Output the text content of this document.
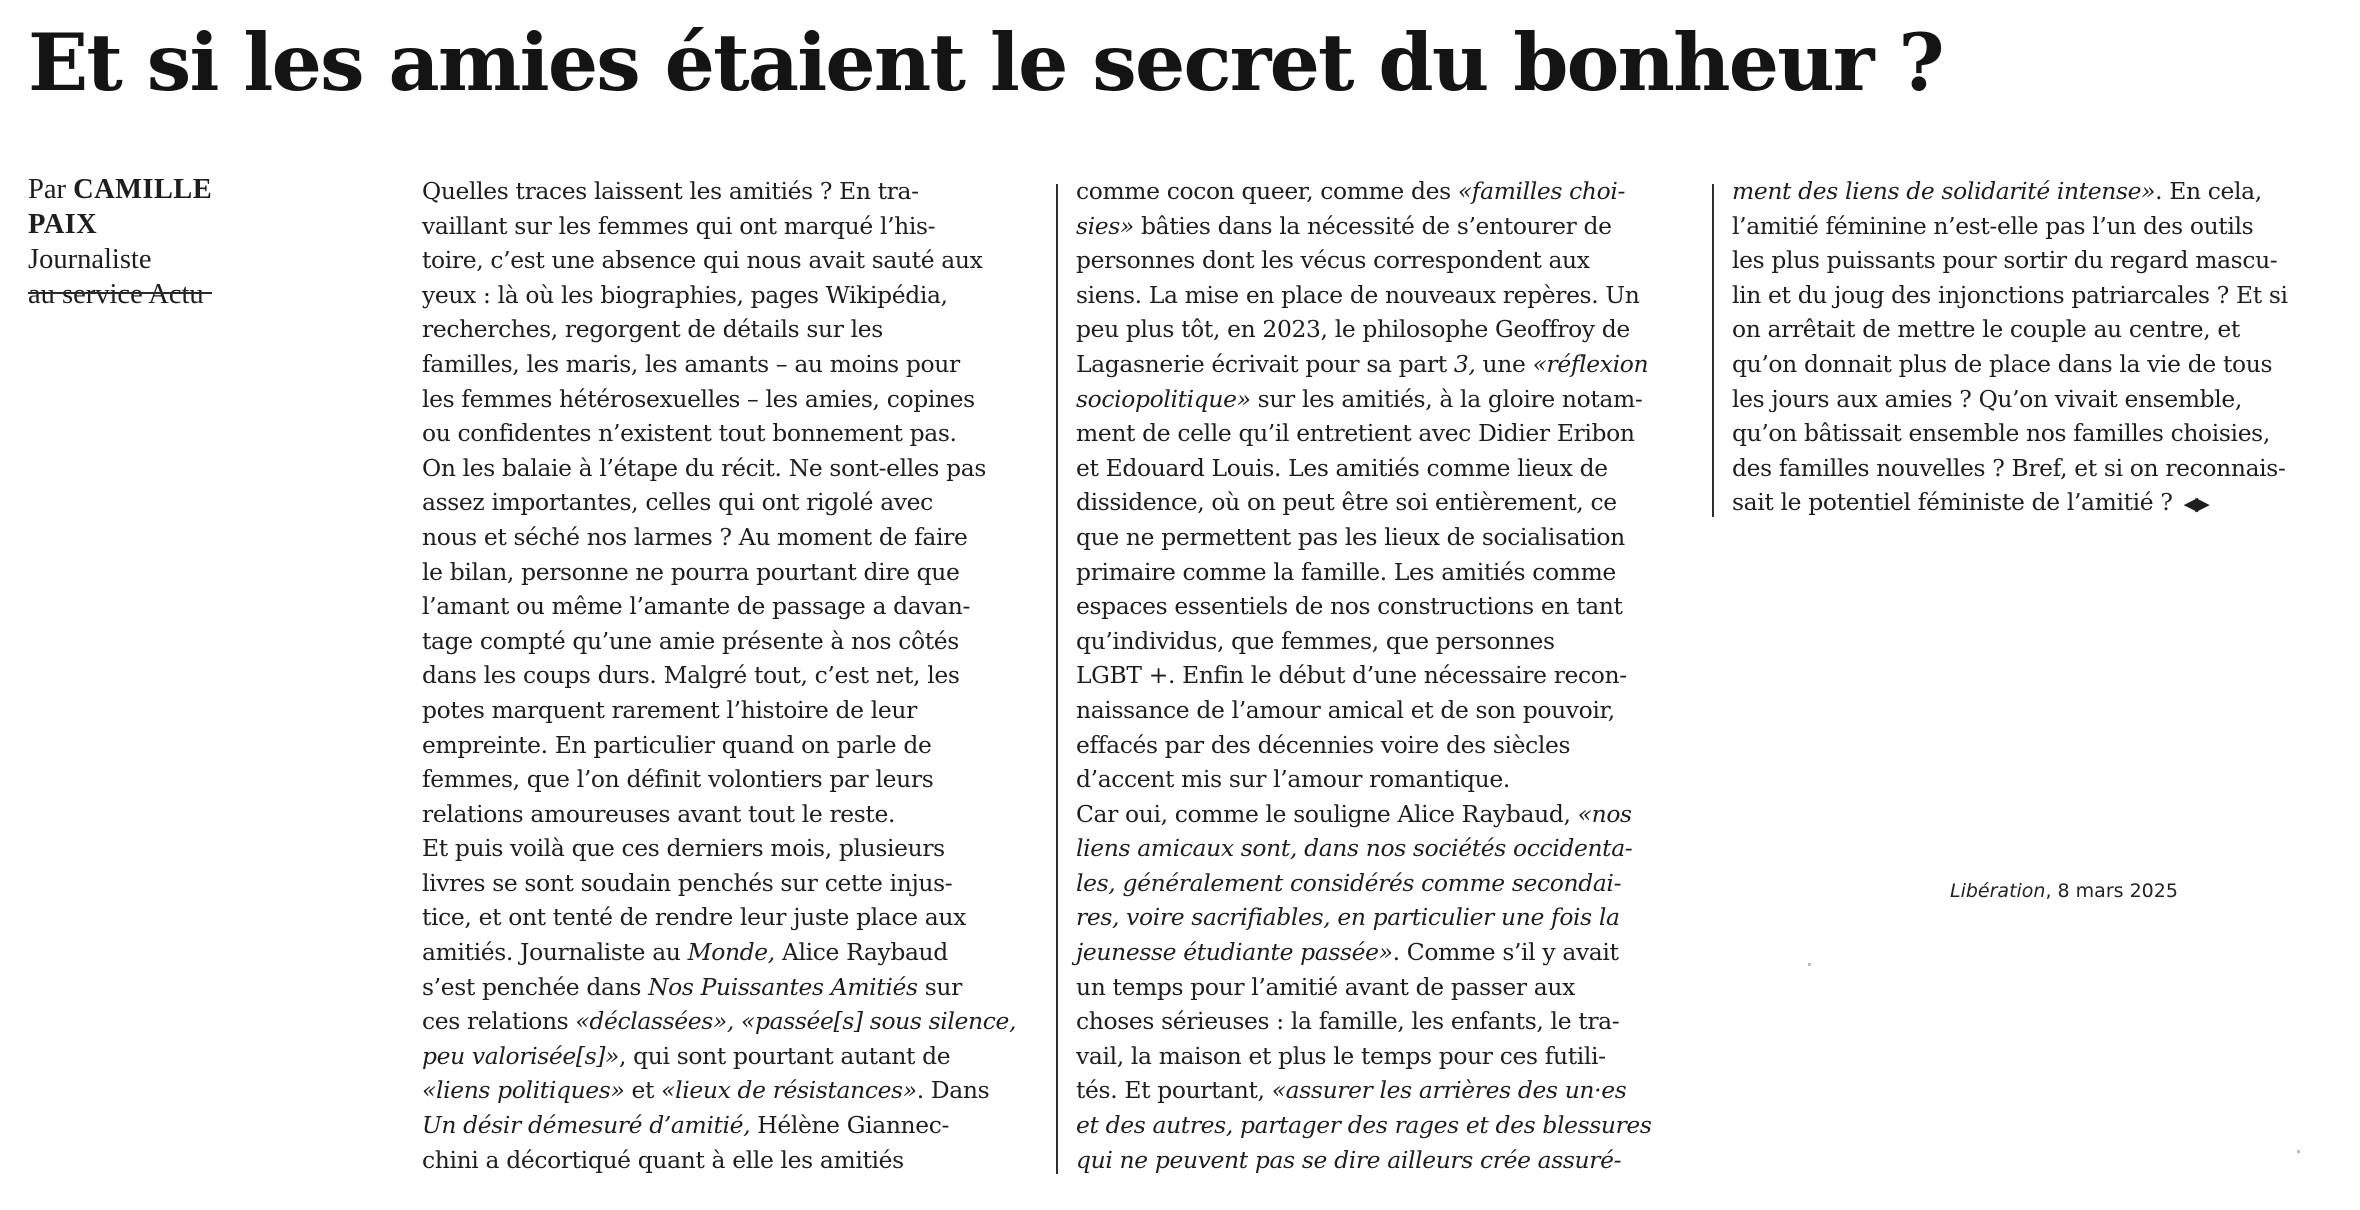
Et si les amies étaient le secret du bonheur ?
Par CAMILLE PAIX
Journaliste
au service Actu
Quelles traces laissent les amitiés ? En tra-
vaillant sur les femmes qui ont marqué l’his-
toire, c’est une absence qui nous avait sauté aux
yeux : là où les biographies, pages Wikipédia,
recherches, regorgent de détails sur les
familles, les maris, les amants – au moins pour
les femmes hétérosexuelles – les amies, copines
ou confidentes n’existent tout bonnement pas.
On les balaie à l’étape du récit. Ne sont-elles pas
assez importantes, celles qui ont rigolé avec
nous et séché nos larmes ? Au moment de faire
le bilan, personne ne pourra pourtant dire que
l’amant ou même l’amante de passage a davan-
tage compté qu’une amie présente à nos côtés
dans les coups durs. Malgré tout, c’est net, les
potes marquent rarement l’histoire de leur
empreinte. En particulier quand on parle de
femmes, que l’on définit volontiers par leurs
relations amoureuses avant tout le reste.
Et puis voilà que ces derniers mois, plusieurs
livres se sont soudain penchés sur cette injus-
tice, et ont tenté de rendre leur juste place aux
amitiés. Journaliste au Monde, Alice Raybaud
s’est penchée dans Nos Puissantes Amitiés sur
ces relations «déclassées», «passée[s] sous silence,
peu valorisée[s]», qui sont pourtant autant de
«liens politiques» et «lieux de résistances». Dans
Un désir démesuré d’amitié, Hélène Giannec-
chini a décortiqué quant à elle les amitiés
comme cocon queer, comme des «familles choi-
sies» bâties dans la nécessité de s’entourer de
personnes dont les vécus correspondent aux
siens. La mise en place de nouveaux repères. Un
peu plus tôt, en 2023, le philosophe Geoffroy de
Lagasnerie écrivait pour sa part 3, une «réflexion
sociopolitique» sur les amitiés, à la gloire notam-
ment de celle qu’il entretient avec Didier Eribon
et Edouard Louis. Les amitiés comme lieux de
dissidence, où on peut être soi entièrement, ce
que ne permettent pas les lieux de socialisation
primaire comme la famille. Les amitiés comme
espaces essentiels de nos constructions en tant
qu’individus, que femmes, que personnes
LGBT +. Enfin le début d’une nécessaire recon-
naissance de l’amour amical et de son pouvoir,
effacés par des décennies voire des siècles
d’accent mis sur l’amour romantique.
Car oui, comme le souligne Alice Raybaud, «nos
liens amicaux sont, dans nos sociétés occidenta-
les, généralement considérés comme secondai-
res, voire sacrifiables, en particulier une fois la
jeunesse étudiante passée». Comme s’il y avait
un temps pour l’amitié avant de passer aux
choses sérieuses : la famille, les enfants, le tra-
vail, la maison et plus le temps pour ces futili-
tés. Et pourtant, «assurer les arrières des un·es
et des autres, partager des rages et des blessures
qui ne peuvent pas se dire ailleurs crée assuré-
ment des liens de solidarité intense». En cela,
l’amitié féminine n’est-elle pas l’un des outils
les plus puissants pour sortir du regard mascu-
lin et du joug des injonctions patriarcales ? Et si
on arrêtait de mettre le couple au centre, et
qu’on donnait plus de place dans la vie de tous
les jours aux amies ? Qu’on vivait ensemble,
qu’on bâtissait ensemble nos familles choisies,
des familles nouvelles ? Bref, et si on reconnais-
sait le potentiel féministe de l’amitié ? ◀▶
Libération, 8 mars 2025
